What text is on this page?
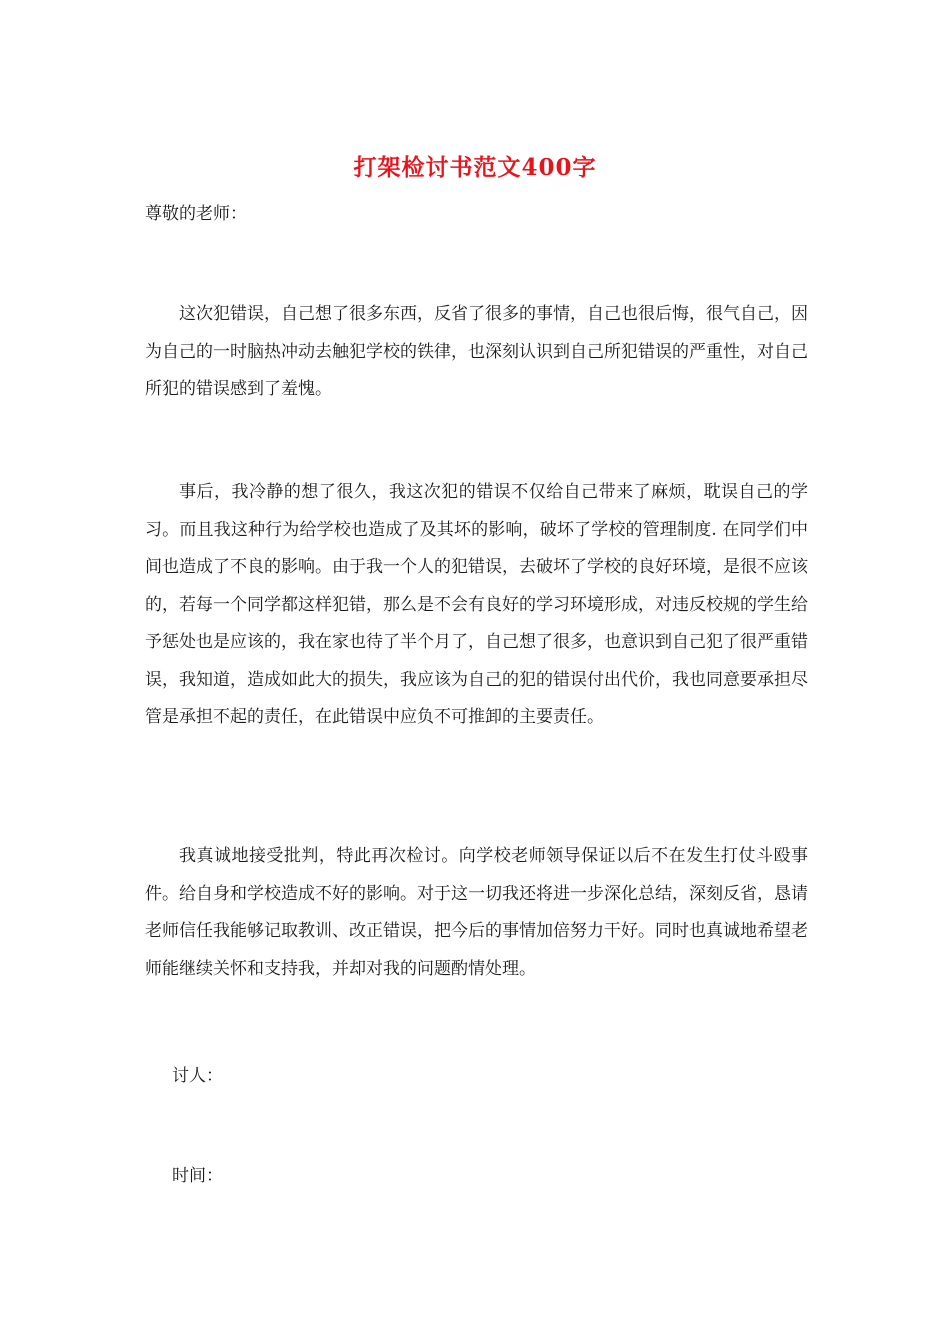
打架检讨书范文400字
尊敬的老师：

这次犯错误，自己想了很多东西，反省了很多的事情，自己也很后悔，很气自己，因为自己的一时脑热冲动去触犯学校的铁律，也深刻认识到自己所犯错误的严重性，对自己所犯的错误感到了羞愧。

事后，我冷静的想了很久，我这次犯的错误不仅给自己带来了麻烦，耽误自己的学习。而且我这种行为给学校也造成了及其坏的影响，破坏了学校的管理制度. 在同学们中间也造成了不良的影响。由于我一个人的犯错误，去破坏了学校的良好环境，是很不应该的，若每一个同学都这样犯错，那么是不会有良好的学习环境形成，对违反校规的学生给予惩处也是应该的，我在家也待了半个月了，自己想了很多，也意识到自己犯了很严重错误，我知道，造成如此大的损失，我应该为自己的犯的错误付出代价，我也同意要承担尽管是承担不起的责任，在此错误中应负不可推卸的主要责任。

我真诚地接受批判，特此再次检讨。向学校老师领导保证以后不在发生打仗斗殴事件。给自身和学校造成不好的影响。对于这一切我还将进一步深化总结，深刻反省，恳请老师信任我能够记取教训、改正错误，把今后的事情加倍努力干好。同时也真诚地希望老师能继续关怀和支持我，并却对我的问题酌情处理。

讨人：
时间：
